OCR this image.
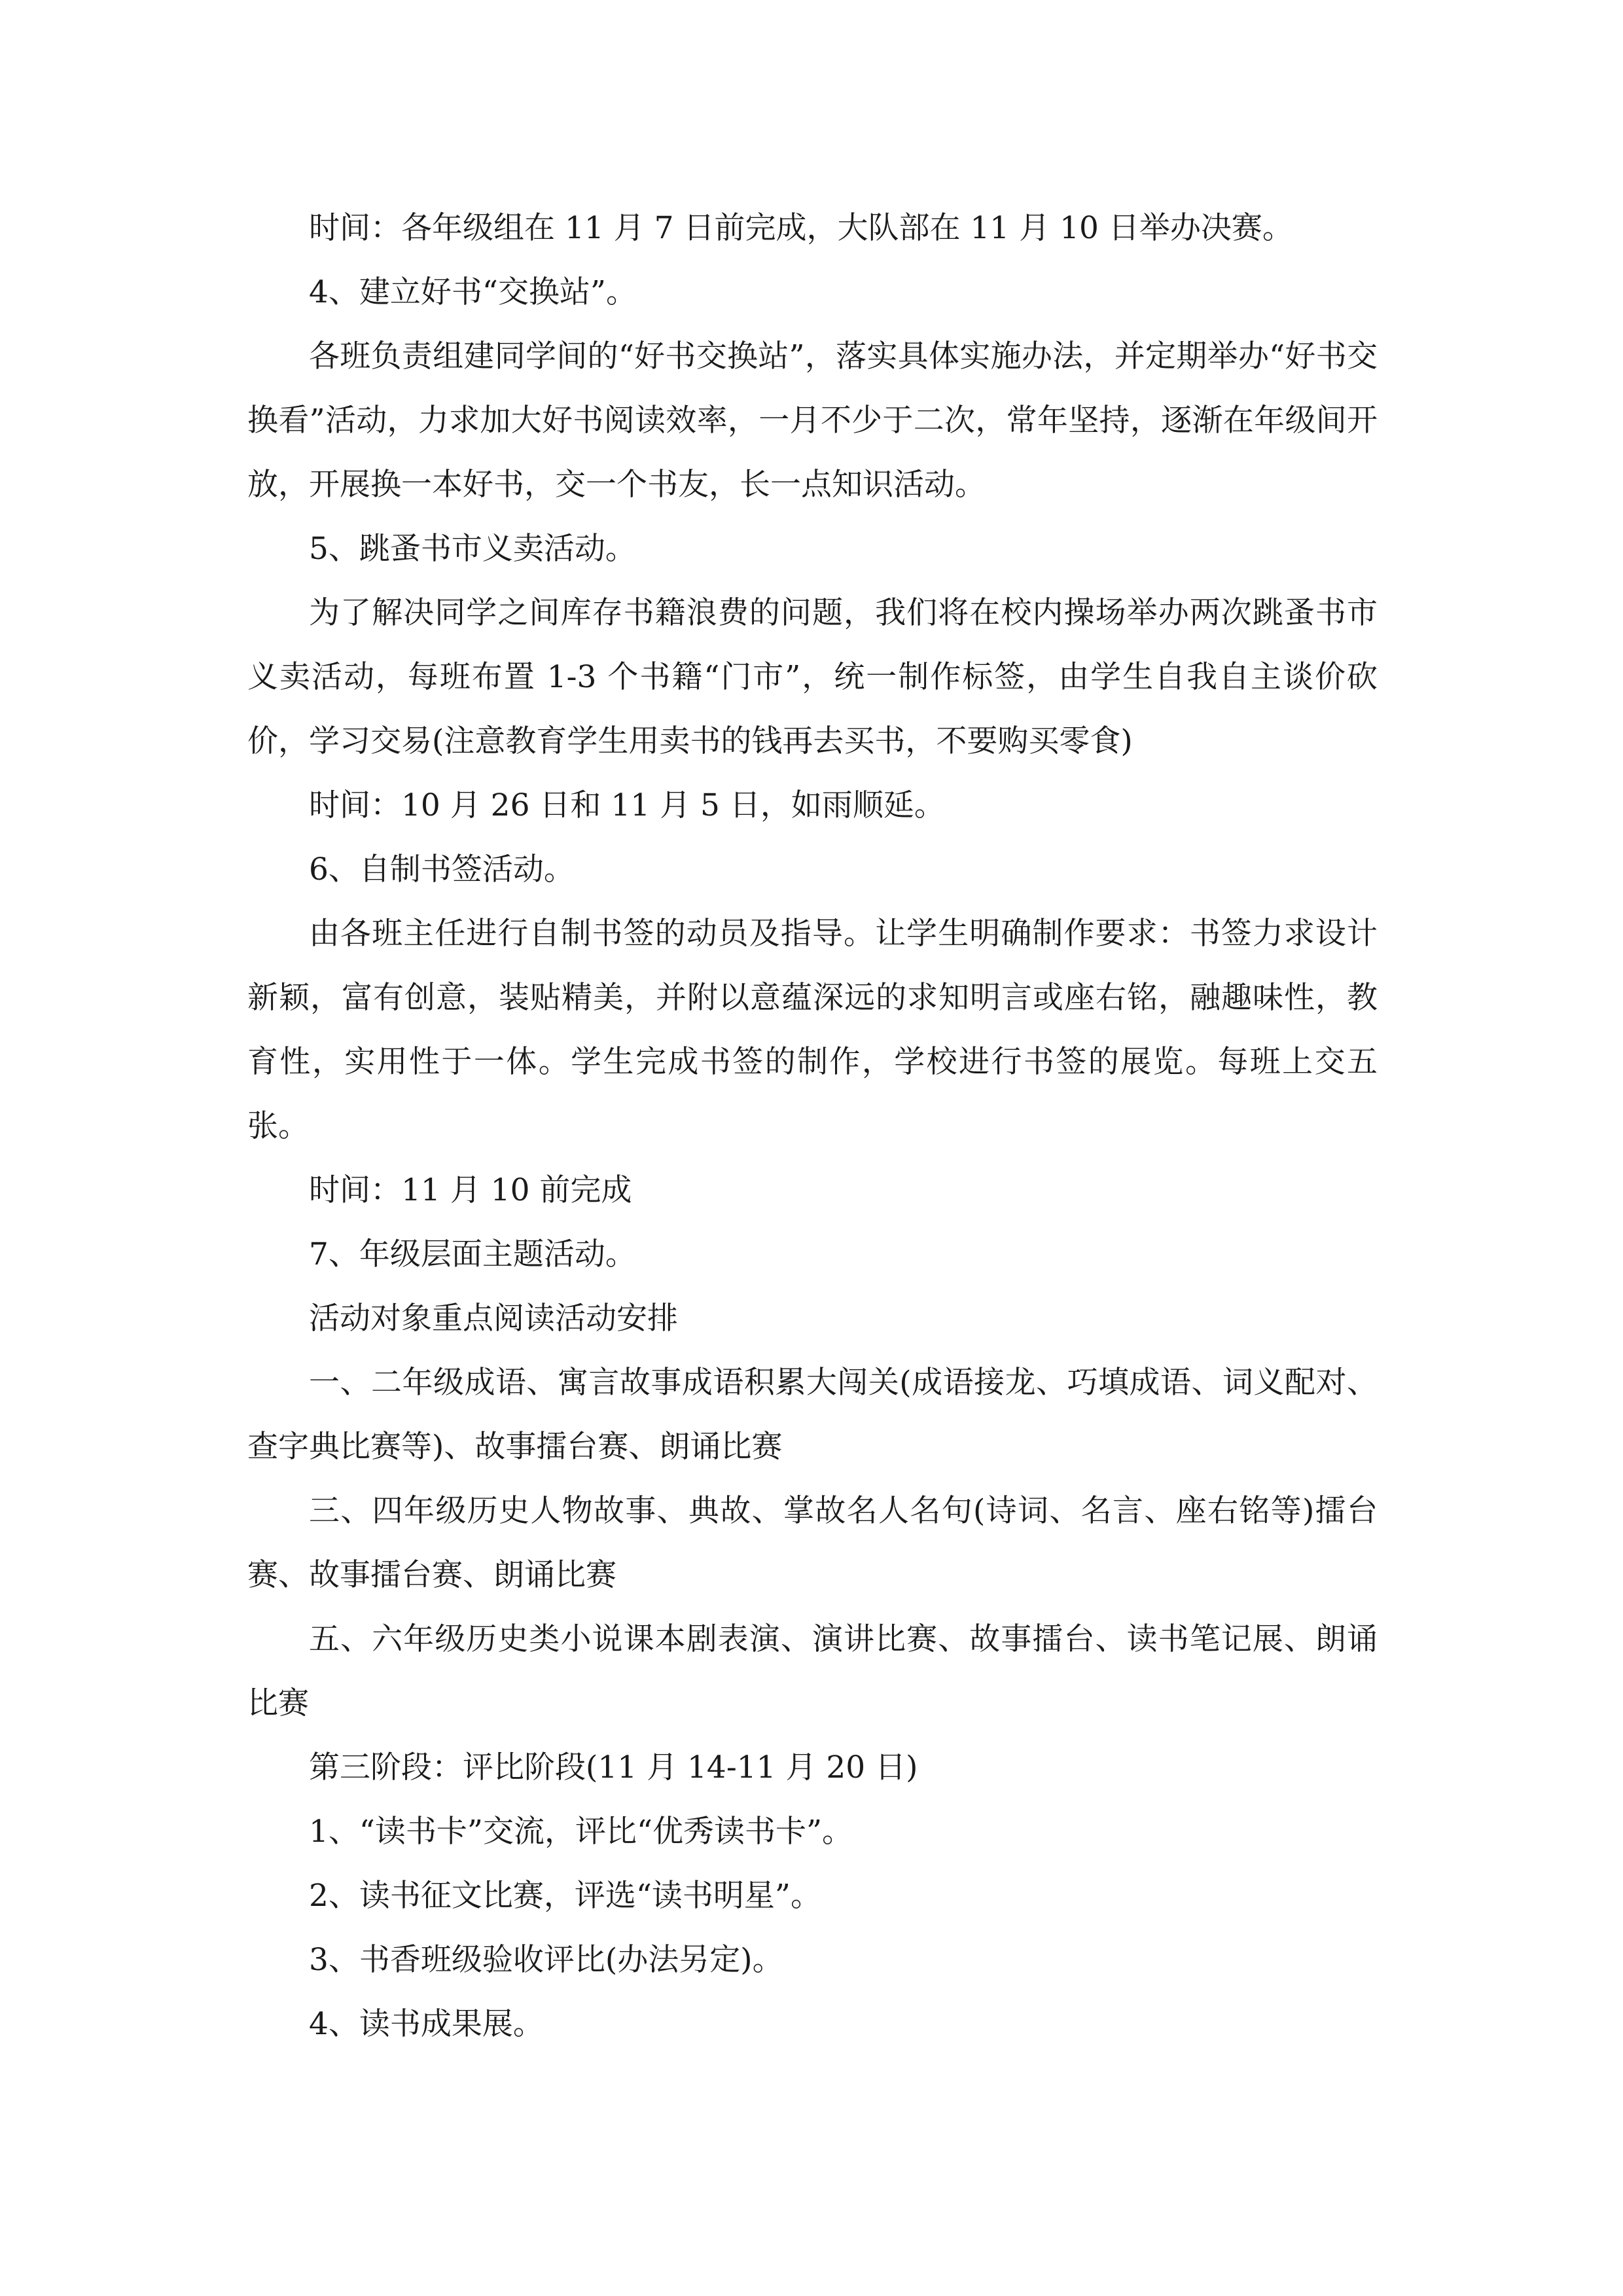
时间：各年级组在 11 月 7 日前完成，大队部在 11 月 10 日举办决赛。

4、建立好书“交换站”。

各班负责组建同学间的“好书交换站”，落实具体实施办法，并定期举办“好书交换看”活动，力求加大好书阅读效率，一月不少于二次，常年坚持，逐渐在年级间开放，开展换一本好书，交一个书友，长一点知识活动。

5、跳蚤书市义卖活动。

为了解决同学之间库存书籍浪费的问题，我们将在校内操场举办两次跳蚤书市义卖活动，每班布置 1-3 个书籍“门市”，统一制作标签，由学生自我自主谈价砍价，学习交易(注意教育学生用卖书的钱再去买书，不要购买零食)

时间：10 月 26 日和 11 月 5 日，如雨顺延。

6、自制书签活动。

由各班主任进行自制书签的动员及指导。让学生明确制作要求：书签力求设计新颖，富有创意，装贴精美，并附以意蕴深远的求知明言或座右铭，融趣味性，教育性，实用性于一体。学生完成书签的制作，学校进行书签的展览。每班上交五张。

时间：11 月 10 前完成

7、年级层面主题活动。

活动对象重点阅读活动安排

一、二年级成语、寓言故事成语积累大闯关(成语接龙、巧填成语、词义配对、查字典比赛等)、故事擂台赛、朗诵比赛

三、四年级历史人物故事、典故、掌故名人名句(诗词、名言、座右铭等)擂台赛、故事擂台赛、朗诵比赛

五、六年级历史类小说课本剧表演、演讲比赛、故事擂台、读书笔记展、朗诵比赛

第三阶段：评比阶段(11 月 14-11 月 20 日)

1、“读书卡”交流，评比“优秀读书卡”。

2、读书征文比赛，评选“读书明星”。

3、书香班级验收评比(办法另定)。

4、读书成果展。
